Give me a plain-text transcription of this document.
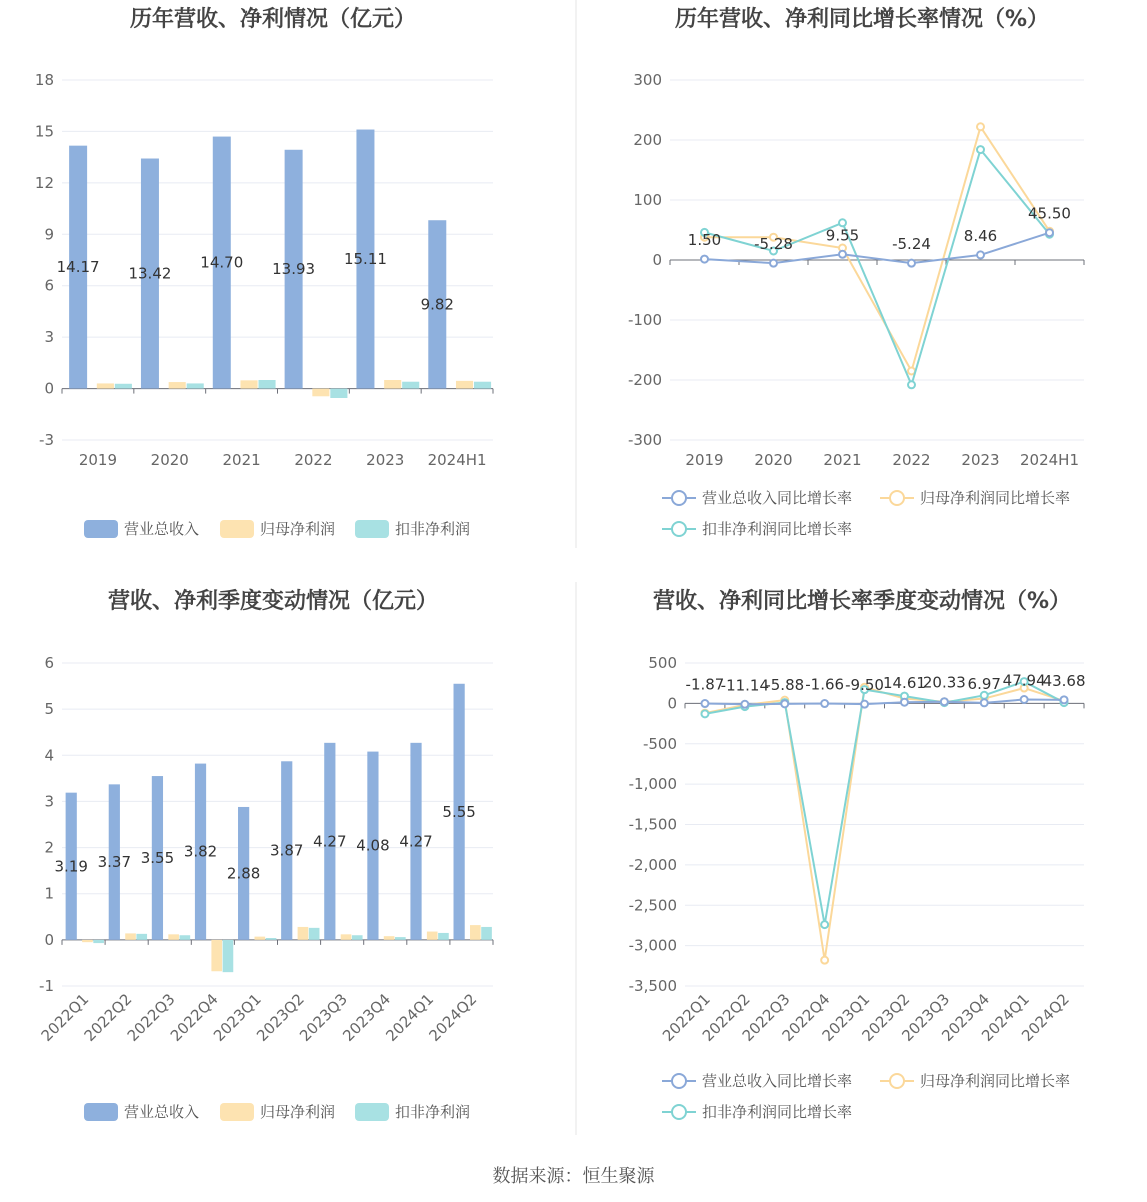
历年营收、净利情况（亿元）
-3
0
3
6
9
12
15
18
2019 2020 2021 2022 2023 2024H1
14.17 13.42
14.70 13.93
15.11
9.82
营业总收入	归母净利润	扣非净利润
历年营收、净利同比增长率情况（%）
-300
-200
-100
0
100
200
300
2019 2020 2021 2022 2023 2024H1
1.50 -5.28 9.55 -5.24 8.46
45.50
营业总收入同比增长率	归母净利润同比增长率
扣非净利润同比增长率
营收、净利季度变动情况（亿元）
-1
0
1
2
3
4
5
6
2022Q1
2022Q2
2022Q3
2022Q4
2023Q1
2023Q2
2023Q3
2023Q4
2024Q1
2024Q2
3.19 3.37 3.55 3.82
2.88
3.87
4.27 4.08 4.27
5.55
营业总收入	归母净利润	扣非净利润
营收、净利同比增长率季度变动情况（%）
-3,500
-3,000
-2,500
-2,000
-1,500
-1,000
-500
0
500
2022Q1
2022Q2
2022Q3
2022Q4
2023Q1
2023Q2
2023Q3
2023Q4
2024Q1
2024Q2
-1.87
-11.14
-5.88 -1.66 -9.50 14.61
20.33 6.97 47.94
43.68
营业总收入同比增长率	归母净利润同比增长率
扣非净利润同比增长率
数据来源：恒生聚源
